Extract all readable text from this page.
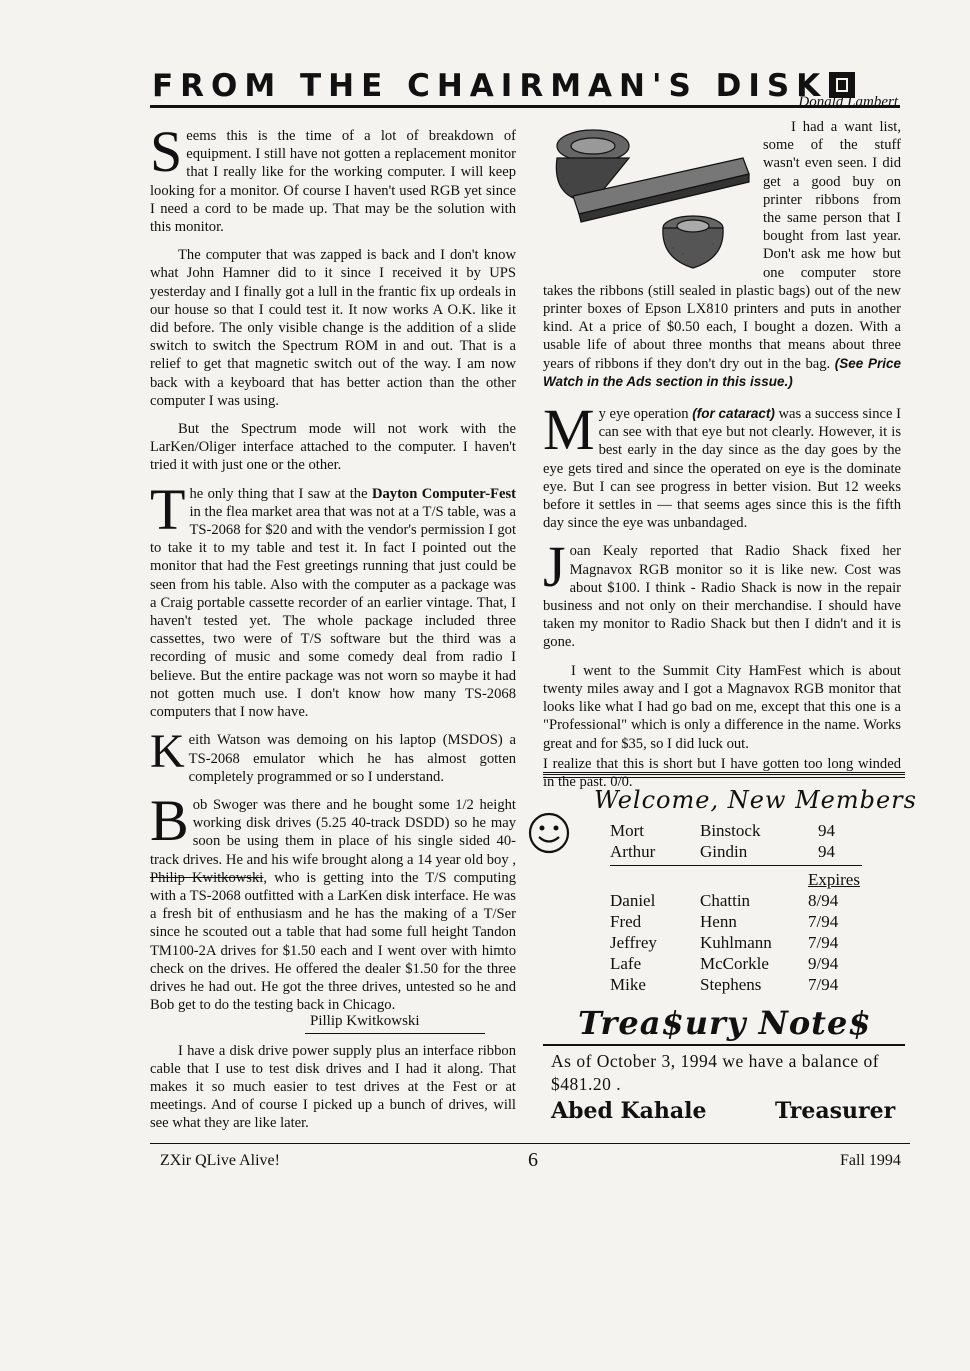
FROM THE CHAIRMAN'S DISK
Donald Lambert

Seems this is the time of a lot of breakdown of equipment. I still have not gotten a replacement monitor that I really like for the working computer. I will keep looking for a monitor. Of course I haven't used RGB yet since I need a cord to be made up. That may be the solution with this monitor.

The computer that was zapped is back and I don't know what John Hamner did to it since I received it by UPS yesterday and I finally got a lull in the frantic fix up ordeals in our house so that I could test it. It now works A O.K. like it did before. The only visible change is the addition of a slide switch to switch the Spectrum ROM in and out. That is a relief to get that magnetic switch out of the way. I am now back with a keyboard that has better action than the other computer I was using.

But the Spectrum mode will not work with the LarKen/Oliger interface attached to the computer. I haven't tried it with just one or the other.

The only thing that I saw at the Dayton Computer-Fest in the flea market area that was not at a T/S table, was a TS-2068 for $20 and with the vendor's permission I got to take it to my table and test it. In fact I pointed out the monitor that had the Fest greetings running that just could be seen from his table. Also with the computer as a package was a Craig portable cassette recorder of an earlier vintage. That, I haven't tested yet. The whole package included three cassettes, two were of T/S software but the third was a recording of music and some comedy deal from radio I believe. But the entire package was not worn so maybe it had not gotten much use. I don't know how many TS-2068 computers that I now have.

Keith Watson was demoing on his laptop (MSDOS) a TS-2068 emulator which he has almost gotten completely programmed or so I understand.

Bob Swoger was there and he bought some 1/2 height working disk drives (5.25 40-track DSDD) so he may soon be using them in place of his single sided 40-track drives. He and his wife brought along a 14 year old boy , Philip Kwitkowski, who is getting into the T/S computing with a TS-2068 outfitted with a LarKen disk interface. He was a fresh bit of enthusiasm and he has the making of a T/Ser since he scouted out a table that had some full height Tandon TM100-2A drives for $1.50 each and I went over with himto check on the drives. He offered the dealer $1.50 for the three drives he had out. He got the three drives, untested so he and Bob get to do the testing back in Chicago.

Pillip Kwitkowski

I have a disk drive power supply plus an interface ribbon cable that I use to test disk drives and I had it along. That makes it so much easier to test drives at the Fest or at meetings. And of course I picked up a bunch of drives, will see what they are like later.

I had a want list, some of the stuff wasn't even seen. I did get a good buy on printer ribbons from the same person that I bought from last year. Don't ask me how but one computer store takes the ribbons (still sealed in plastic bags) out of the new printer boxes of Epson LX810 printers and puts in another kind. At a price of $0.50 each, I bought a dozen. With a usable life of about three months that means about three years of ribbons if they don't dry out in the bag. (See Price Watch in the Ads section in this issue.)

My eye operation (for cataract) was a success since I can see with that eye but not clearly. However, it is best early in the day since as the day goes by the eye gets tired and since the operated on eye is the dominate eye. But I can see progress in better vision. But 12 weeks before it settles in — that seems ages since this is the fifth day since the eye was unbandaged.

Joan Kealy reported that Radio Shack fixed her Magnavox RGB monitor so it is like new. Cost was about $100. I think - Radio Shack is now in the repair business and not only on their merchandise. I should have taken my monitor to Radio Shack but then I didn't and it is gone.

I went to the Summit City HamFest which is about twenty miles away and I got a Magnavox RGB monitor that looks like what I had go bad on me, except that this one is a "Professional" which is only a difference in the name. Works great and for $35, so I did luck out.

I realize that this is short but I have gotten too long winded in the past. 0/0.

Welcome, New Members
Mort	Binstock	94
Arthur	Gindin	94
		Expires
Daniel	Chattin	8/94
Fred	Henn	7/94
Jeffrey	Kuhlmann	7/94
Lafe	McCorkle	9/94
Mike	Stephens	7/94
Trea$ury Note$
As of October 3, 1994 we have a balance of $481.20 .
Abed Kahale	Treasurer
ZXir QLive Alive!	6	Fall 1994
